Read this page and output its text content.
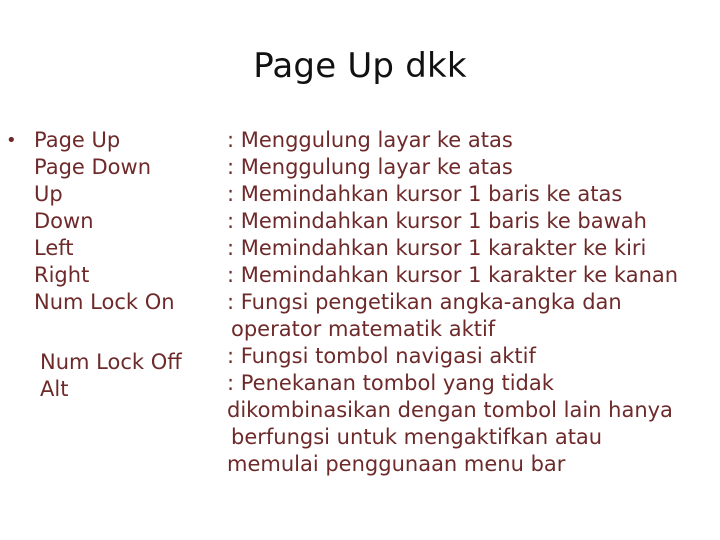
Page Up dkk
• Page Up
Page Down
Up
Down
Left
Right
Num Lock On
Num Lock Off
Alt
: Menggulung layar ke atas
: Menggulung layar ke atas
: Memindahkan kursor 1 baris ke atas
: Memindahkan kursor 1 baris ke bawah
: Memindahkan kursor 1 karakter ke kiri
: Memindahkan kursor 1 karakter ke kanan
: Fungsi pengetikan angka-angka dan
operator matematik aktif
: Fungsi tombol navigasi aktif
: Penekanan tombol yang tidak
dikombinasikan dengan tombol lain hanya
berfungsi untuk mengaktifkan atau
memulai penggunaan menu bar
